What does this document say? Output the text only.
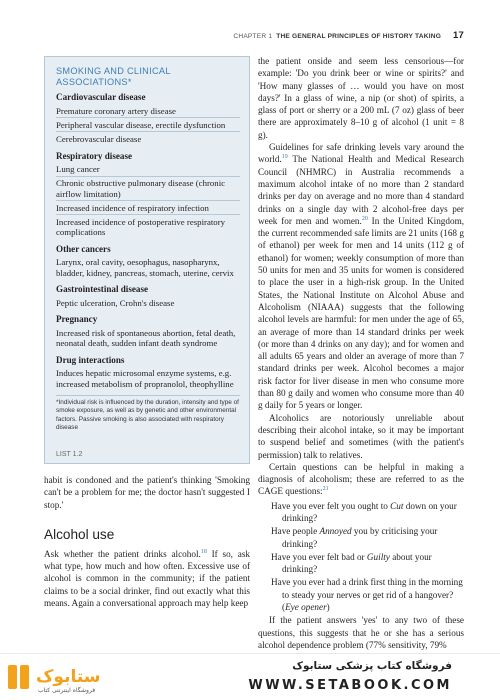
CHAPTER 1 THE GENERAL PRINCIPLES OF HISTORY TAKING 17
SMOKING AND CLINICAL ASSOCIATIONS*
Cardiovascular disease
Premature coronary artery disease
Peripheral vascular disease, erectile dysfunction
Cerebrovascular disease
Respiratory disease
Lung cancer
Chronic obstructive pulmonary disease (chronic airflow limitation)
Increased incidence of respiratory infection
Increased incidence of postoperative respiratory complications
Other cancers
Larynx, oral cavity, oesophagus, nasopharynx, bladder, kidney, pancreas, stomach, uterine, cervix
Gastrointestinal disease
Peptic ulceration, Crohn's disease
Pregnancy
Increased risk of spontaneous abortion, fetal death, neonatal death, sudden infant death syndrome
Drug interactions
Induces hepatic microsomal enzyme systems, e.g. increased metabolism of propranolol, theophylline
*Individual risk is influenced by the duration, intensity and type of smoke exposure, as well as by genetic and other environmental factors. Passive smoking is also associated with respiratory disease
LIST 1.2

habit is condoned and the patient's thinking 'Smoking can't be a problem for me; the doctor hasn't suggested I stop.'

Alcohol use

Ask whether the patient drinks alcohol.$^{18}$ If so, ask what type, how much and how often. Excessive use of alcohol is common in the community; if the patient claims to be a social drinker, find out exactly what this means. Again a conversational approach may help keep

the patient onside and seem less censorious—for example: 'Do you drink beer or wine or spirits?' and 'How many glasses of … would you have on most days?' In a glass of wine, a nip (or shot) of spirits, a glass of port or sherry or a 200 mL (7 oz) glass of beer there are approximately 8–10 g of alcohol (1 unit = 8 g).

Guidelines for safe drinking levels vary around the world.$^{19}$ The National Health and Medical Research Council (NHMRC) in Australia recommends a maximum alcohol intake of no more than 2 standard drinks per day on average and no more than 4 standard drinks on a single day with 2 alcohol-free days per week for men and women.$^{20}$ In the United Kingdom, the current recommended safe limits are 21 units (168 g of ethanol) per week for men and 14 units (112 g of ethanol) for women; weekly consumption of more than 50 units for men and 35 units for women is considered to place the user in a high-risk group. In the United States, the National Institute on Alcohol Abuse and Alcoholism (NIAAA) suggests that the following alcohol levels are harmful: for men under the age of 65, an average of more than 14 standard drinks per week (or more than 4 drinks on any day); and for women and all adults 65 years and older an average of more than 7 standard drinks per week. Alcohol becomes a major risk factor for liver disease in men who consume more than 80 g daily and women who consume more than 40 g daily for 5 years or longer.

Alcoholics are notoriously unreliable about describing their alcohol intake, so it may be important to suspend belief and sometimes (with the patient's permission) talk to relatives.

Certain questions can be helpful in making a diagnosis of alcoholism; these are referred to as the CAGE questions:$^{21}$

Have you ever felt you ought to Cut down on your drinking?
Have people Annoyed you by criticising your drinking?
Have you ever felt bad or Guilty about your drinking?
Have you ever had a drink first thing in the morning to steady your nerves or get rid of a hangover? (Eye opener)

If the patient answers 'yes' to any two of these questions, this suggests that he or she has a serious alcohol dependence problem (77% sensitivity, 79%

ستابوک
فروشگاه اینترنتی کتاب
فروشگاه کتاب پزشکی ستابوک
WWW.SETABOOK.COM
